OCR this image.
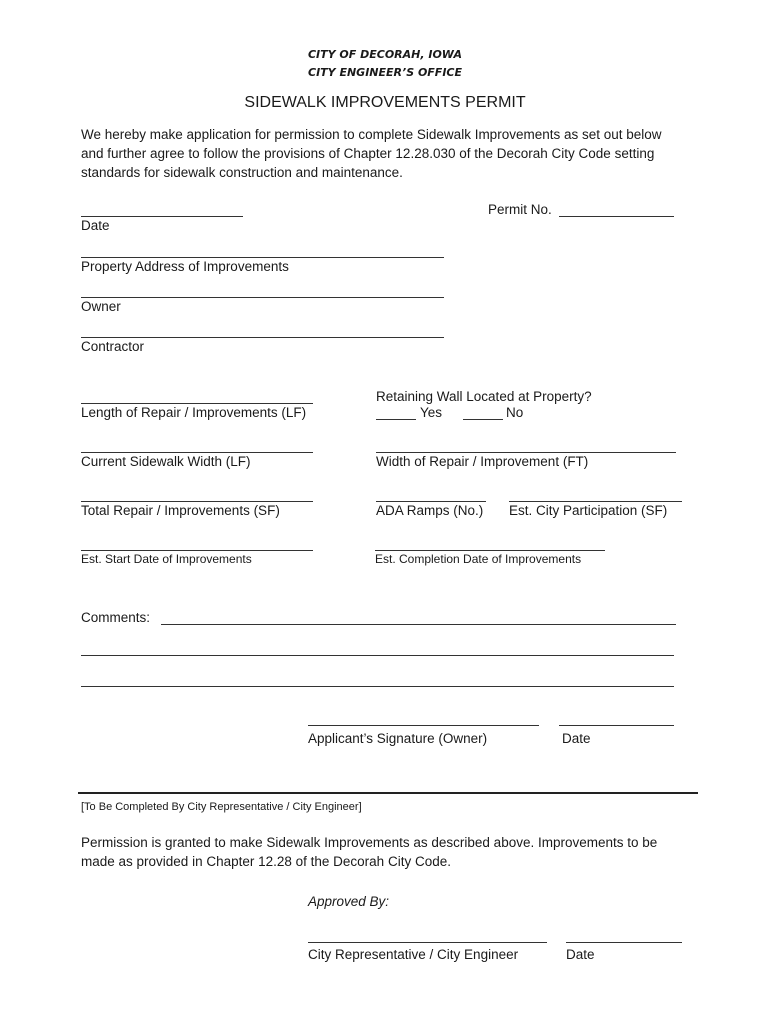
CITY OF DECORAH, IOWA
CITY ENGINEER’S OFFICE
SIDEWALK IMPROVEMENTS PERMIT
We hereby make application for permission to complete Sidewalk Improvements as set out below
and further agree to follow the provisions of Chapter 12.28.030 of the Decorah City Code setting
standards for sidewalk construction and maintenance.
Date
Permit No.
Property Address of Improvements
Owner
Contractor
Length of Repair / Improvements (LF)
Retaining Wall Located at Property?
Yes	No
Current Sidewalk Width (LF)	Width of Repair / Improvement (FT)
Total Repair / Improvements (SF)	ADA Ramps (No.) Est. City Participation (SF)
Est. Start Date of Improvements	Est. Completion Date of Improvements
Comments:
Applicant’s Signature (Owner)	Date
[To Be Completed By City Representative / City Engineer]
Permission is granted to make Sidewalk Improvements as described above. Improvements to be
made as provided in Chapter 12.28 of the Decorah City Code.
Approved By:
City Representative / City Engineer	Date
